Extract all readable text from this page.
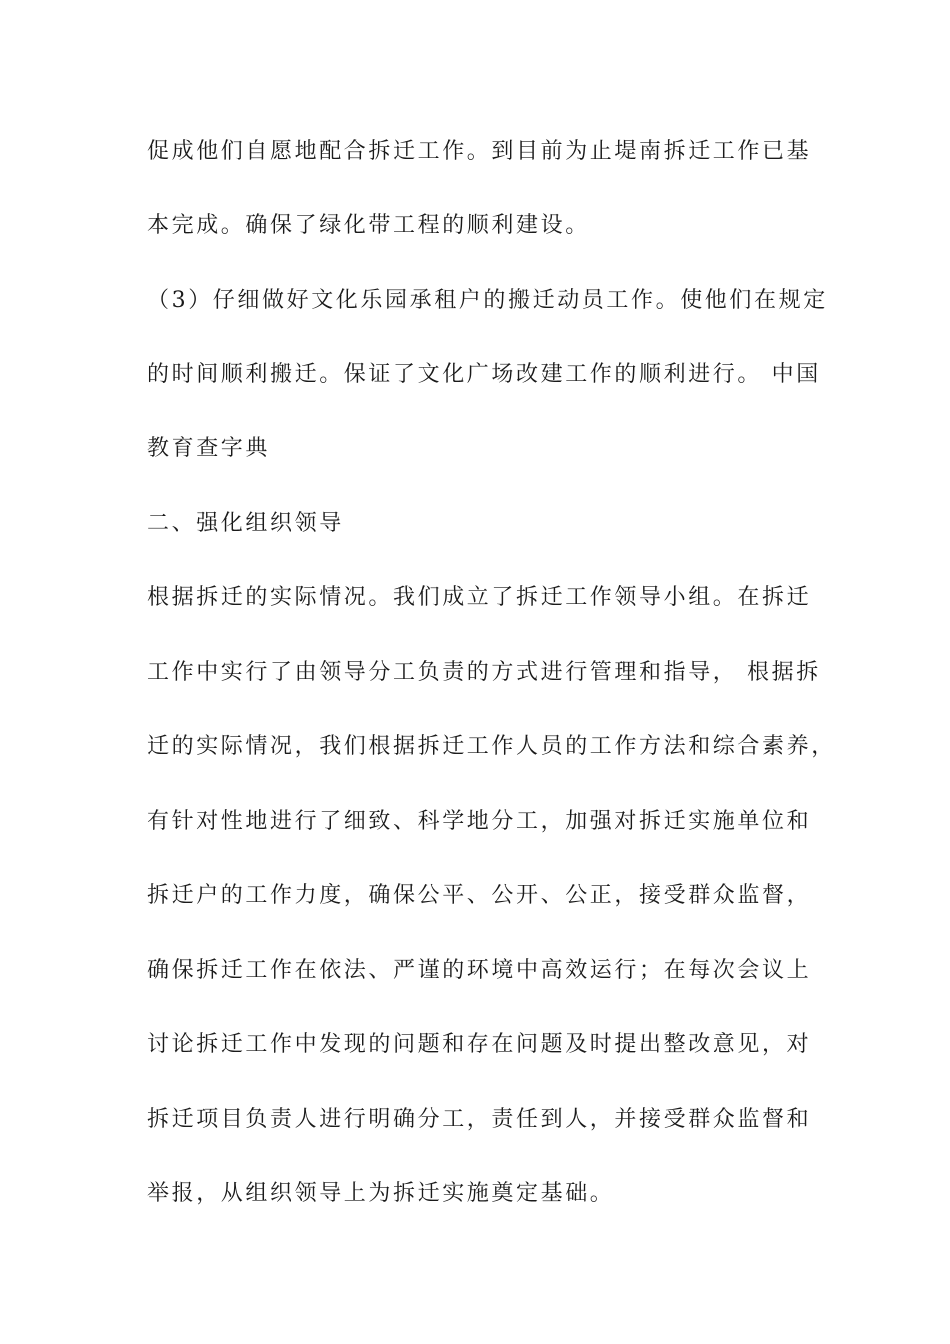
促成他们自愿地配合拆迁工作。到目前为止堤南拆迁工作已基
本完成。确保了绿化带工程的顺利建设。
（3）仔细做好文化乐园承租户的搬迁动员工作。使他们在规定
的时间顺利搬迁。保证了文化广场改建工作的顺利进行。 中国
教育查字典
二、强化组织领导
根据拆迁的实际情况。我们成立了拆迁工作领导小组。在拆迁
工作中实行了由领导分工负责的方式进行管理和指导， 根据拆
迁的实际情况，我们根据拆迁工作人员的工作方法和综合素养，
有针对性地进行了细致、科学地分工，加强对拆迁实施单位和
拆迁户的工作力度，确保公平、公开、公正，接受群众监督，
确保拆迁工作在依法、严谨的环境中高效运行；在每次会议上
讨论拆迁工作中发现的问题和存在问题及时提出整改意见，对
拆迁项目负责人进行明确分工，责任到人，并接受群众监督和
举报，从组织领导上为拆迁实施奠定基础。
